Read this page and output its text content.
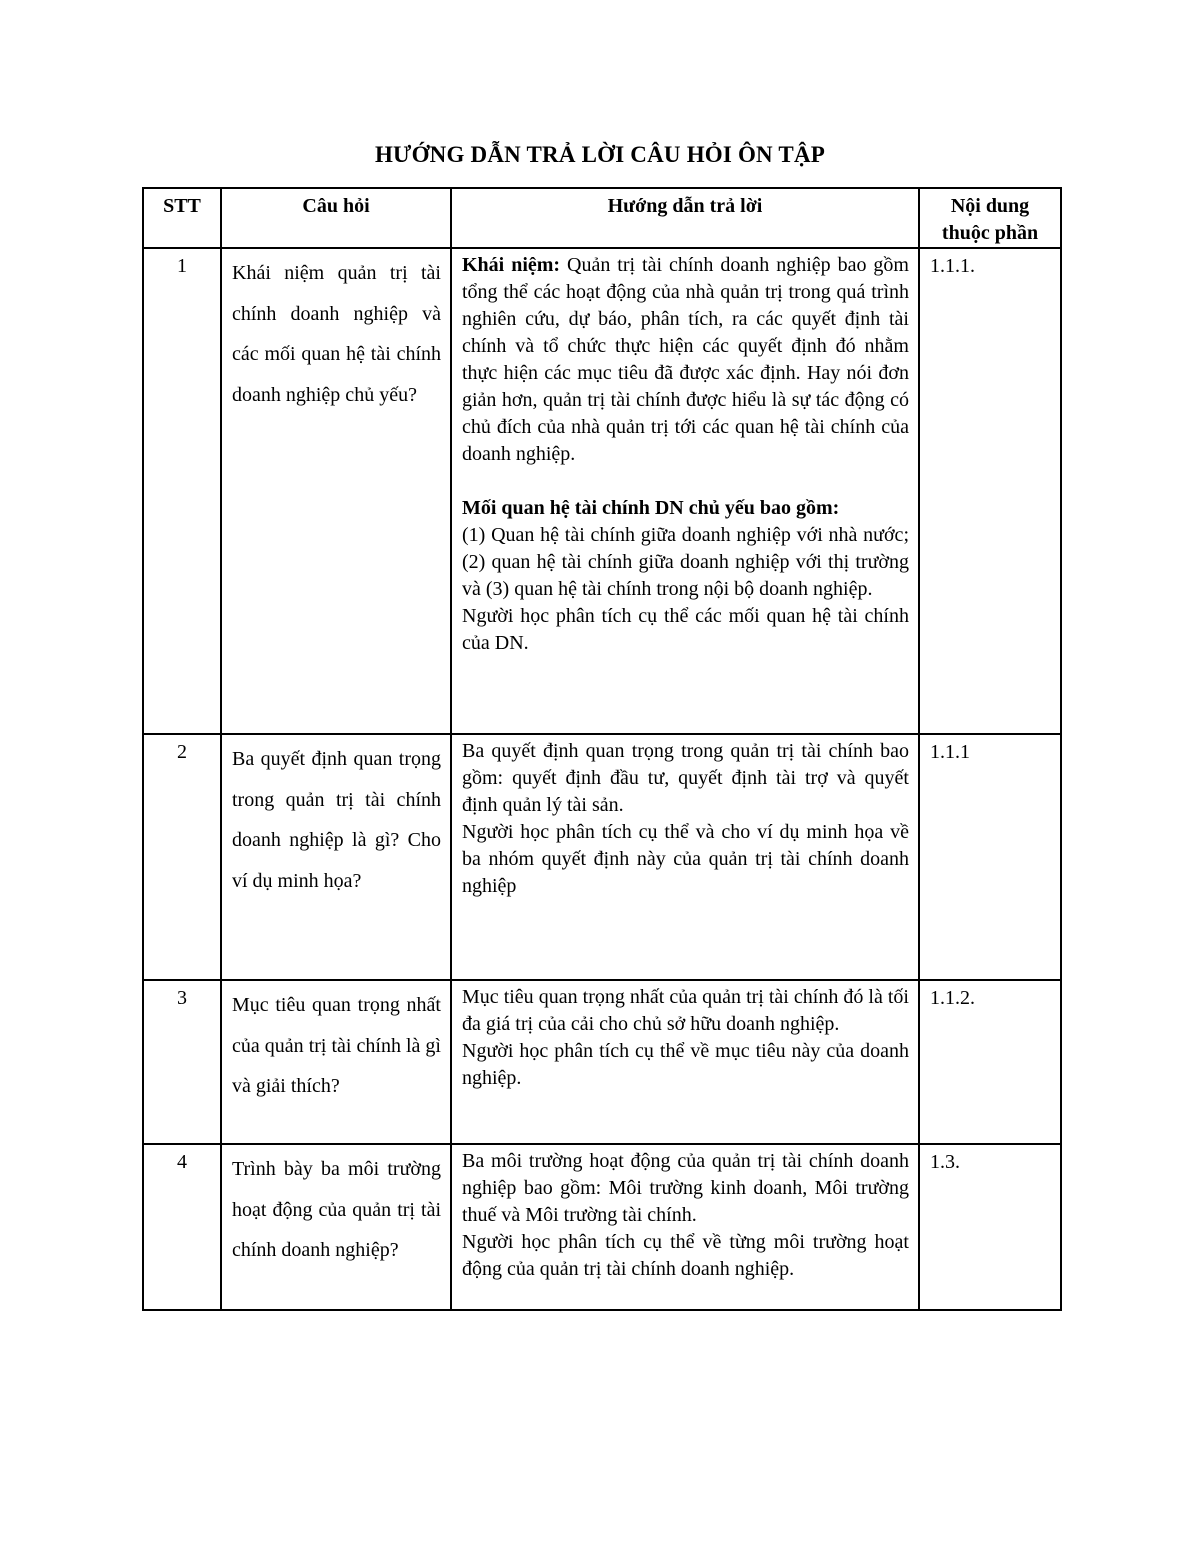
HƯỚNG DẪN TRẢ LỜI CÂU HỎI ÔN TẬP
STT	Câu hỏi	Hướng dẫn trả lời	Nội dung thuộc phần
1	Khái niệm quản trị tài chính doanh nghiệp và các mối quan hệ tài chính doanh nghiệp chủ yếu?	Khái niệm: Quản trị tài chính doanh nghiệp bao gồm tổng thể các hoạt động của nhà quản trị trong quá trình nghiên cứu, dự báo, phân tích, ra các quyết định tài chính và tổ chức thực hiện các quyết định đó nhằm thực hiện các mục tiêu đã được xác định. Hay nói đơn giản hơn, quản trị tài chính được hiểu là sự tác động có chủ đích của nhà quản trị tới các quan hệ tài chính của doanh nghiệp.

Mối quan hệ tài chính DN chủ yếu bao gồm:

(1) Quan hệ tài chính giữa doanh nghiệp với nhà nước; (2) quan hệ tài chính giữa doanh nghiệp với thị trường và (3) quan hệ tài chính trong nội bộ doanh nghiệp.

Người học phân tích cụ thể các mối quan hệ tài chính của DN.	1.1.1.
2	Ba quyết định quan trọng trong quản trị tài chính doanh nghiệp là gì? Cho ví dụ minh họa?	Ba quyết định quan trọng trong quản trị tài chính bao gồm: quyết định đầu tư, quyết định tài trợ và quyết định quản lý tài sản.

Người học phân tích cụ thể và cho ví dụ minh họa về ba nhóm quyết định này của quản trị tài chính doanh nghiệp	1.1.1
3	Mục tiêu quan trọng nhất của quản trị tài chính là gì và giải thích?	Mục tiêu quan trọng nhất của quản trị tài chính đó là tối đa giá trị của cải cho chủ sở hữu doanh nghiệp.

Người học phân tích cụ thể về mục tiêu này của doanh nghiệp.	1.1.2.
4	Trình bày ba môi trường hoạt động của quản trị tài chính doanh nghiệp?	Ba môi trường hoạt động của quản trị tài chính doanh nghiệp bao gồm: Môi trường kinh doanh, Môi trường thuế và Môi trường tài chính.

Người học phân tích cụ thể về từng môi trường hoạt động của quản trị tài chính doanh nghiệp.	1.3.
